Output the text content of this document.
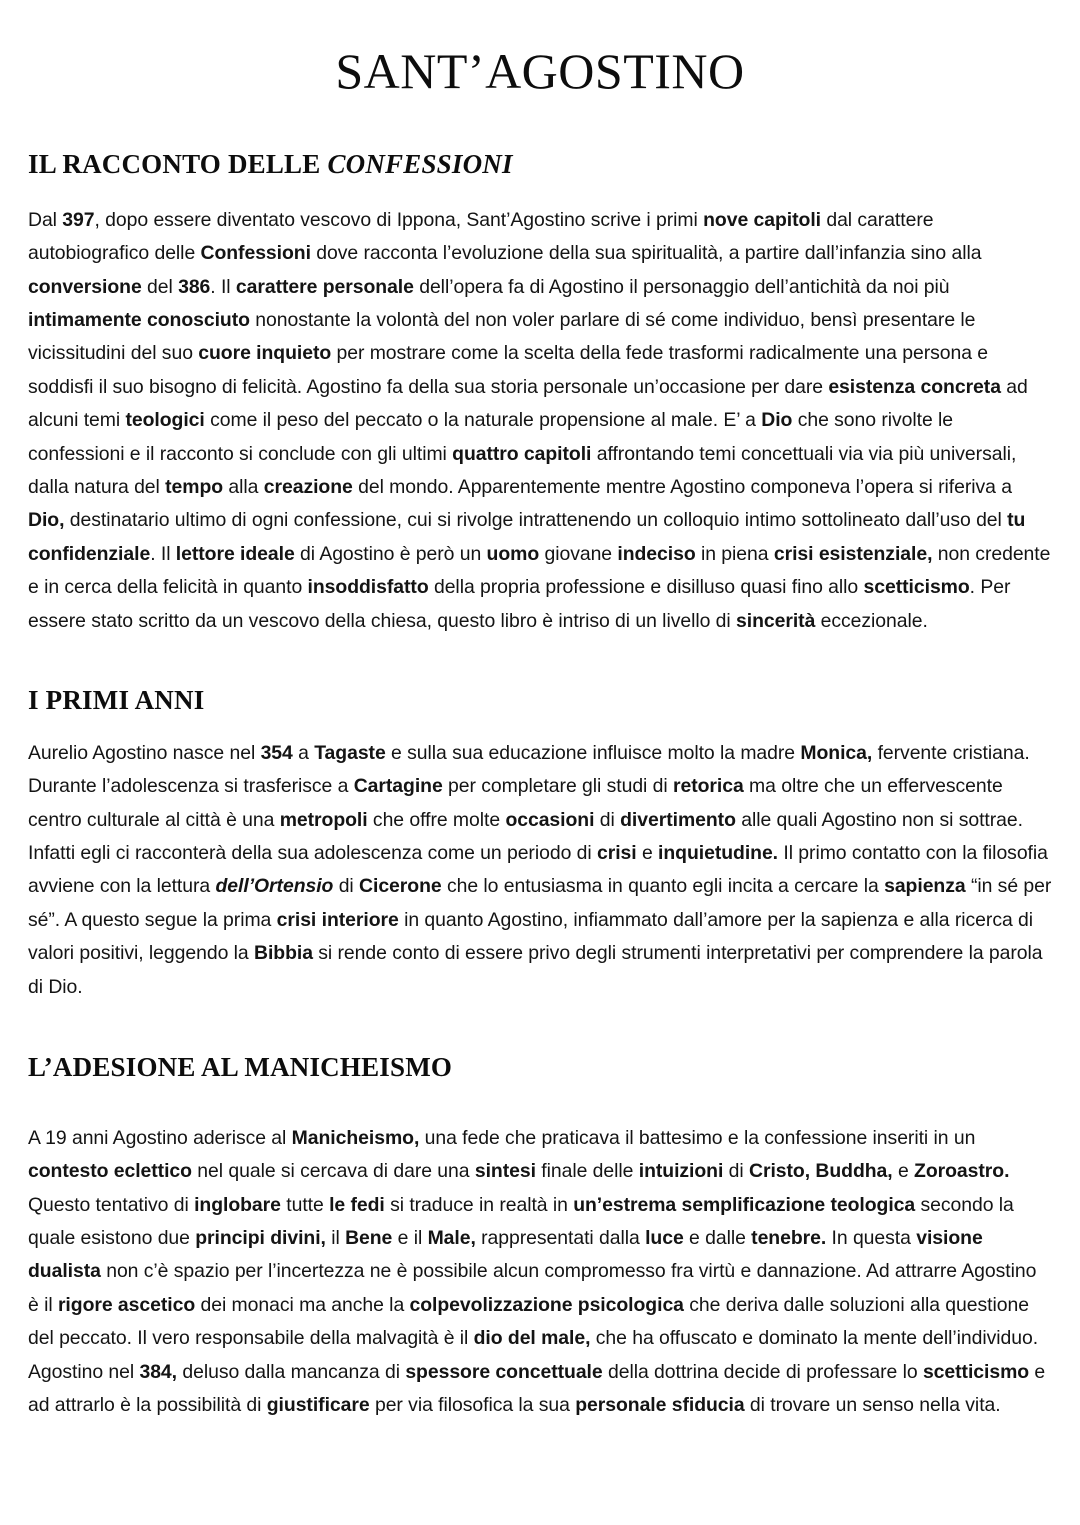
SANT’AGOSTINO
IL RACCONTO DELLE CONFESSIONI

Dal 397, dopo essere diventato vescovo di Ippona, Sant’Agostino scrive i primi nove capitoli dal carattere autobiografico delle Confessioni dove racconta l’evoluzione della sua spiritualità, a partire dall’infanzia sino alla conversione del 386. Il carattere personale dell’opera fa di Agostino il personaggio dell’antichità da noi più intimamente conosciuto nonostante la volontà del non voler parlare di sé come individuo, bensì presentare le vicissitudini del suo cuore inquieto per mostrare come la scelta della fede trasformi radicalmente una persona e soddisfi il suo bisogno di felicità. Agostino fa della sua storia personale un’occasione per dare esistenza concreta ad alcuni temi teologici come il peso del peccato o la naturale propensione al male. E’ a Dio che sono rivolte le confessioni e il racconto si conclude con gli ultimi quattro capitoli affrontando temi concettuali via via più universali, dalla natura del tempo alla creazione del mondo. Apparentemente mentre Agostino componeva l’opera si riferiva a Dio, destinatario ultimo di ogni confessione, cui si rivolge intrattenendo un colloquio intimo sottolineato dall’uso del tu confidenziale. Il lettore ideale di Agostino è però un uomo giovane indeciso in piena crisi esistenziale, non credente e in cerca della felicità in quanto insoddisfatto della propria professione e disilluso quasi fino allo scetticismo. Per essere stato scritto da un vescovo della chiesa, questo libro è intriso di un livello di sincerità eccezionale.

I PRIMI ANNI

Aurelio Agostino nasce nel 354 a Tagaste e sulla sua educazione influisce molto la madre Monica, fervente cristiana. Durante l’adolescenza si trasferisce a Cartagine per completare gli studi di retorica ma oltre che un effervescente centro culturale al città è una metropoli che offre molte occasioni di divertimento alle quali Agostino non si sottrae. Infatti egli ci racconterà della sua adolescenza come un periodo di crisi e inquietudine. Il primo contatto con la filosofia avviene con la lettura dell’Ortensio di Cicerone che lo entusiasma in quanto egli incita a cercare la sapienza “in sé per sé”. A questo segue la prima crisi interiore in quanto Agostino, infiammato dall’amore per la sapienza e alla ricerca di valori positivi, leggendo la Bibbia si rende conto di essere privo degli strumenti interpretativi per comprendere la parola di Dio.

L’ADESIONE AL MANICHEISMO

A 19 anni Agostino aderisce al Manicheismo, una fede che praticava il battesimo e la confessione inseriti in un contesto eclettico nel quale si cercava di dare una sintesi finale delle intuizioni di Cristo, Buddha, e Zoroastro. Questo tentativo di inglobare tutte le fedi si traduce in realtà in un’estrema semplificazione teologica secondo la quale esistono due principi divini, il Bene e il Male, rappresentati dalla luce e dalle tenebre. In questa visione dualista non c’è spazio per l’incertezza ne è possibile alcun compromesso fra virtù e dannazione. Ad attrarre Agostino è il rigore ascetico dei monaci ma anche la colpevolizzazione psicologica che deriva dalle soluzioni alla questione del peccato. Il vero responsabile della malvagità è il dio del male, che ha offuscato e dominato la mente dell’individuo. Agostino nel 384, deluso dalla mancanza di spessore concettuale della dottrina decide di professare lo scetticismo e ad attrarlo è la possibilità di giustificare per via filosofica la sua personale sfiducia di trovare un senso nella vita.
